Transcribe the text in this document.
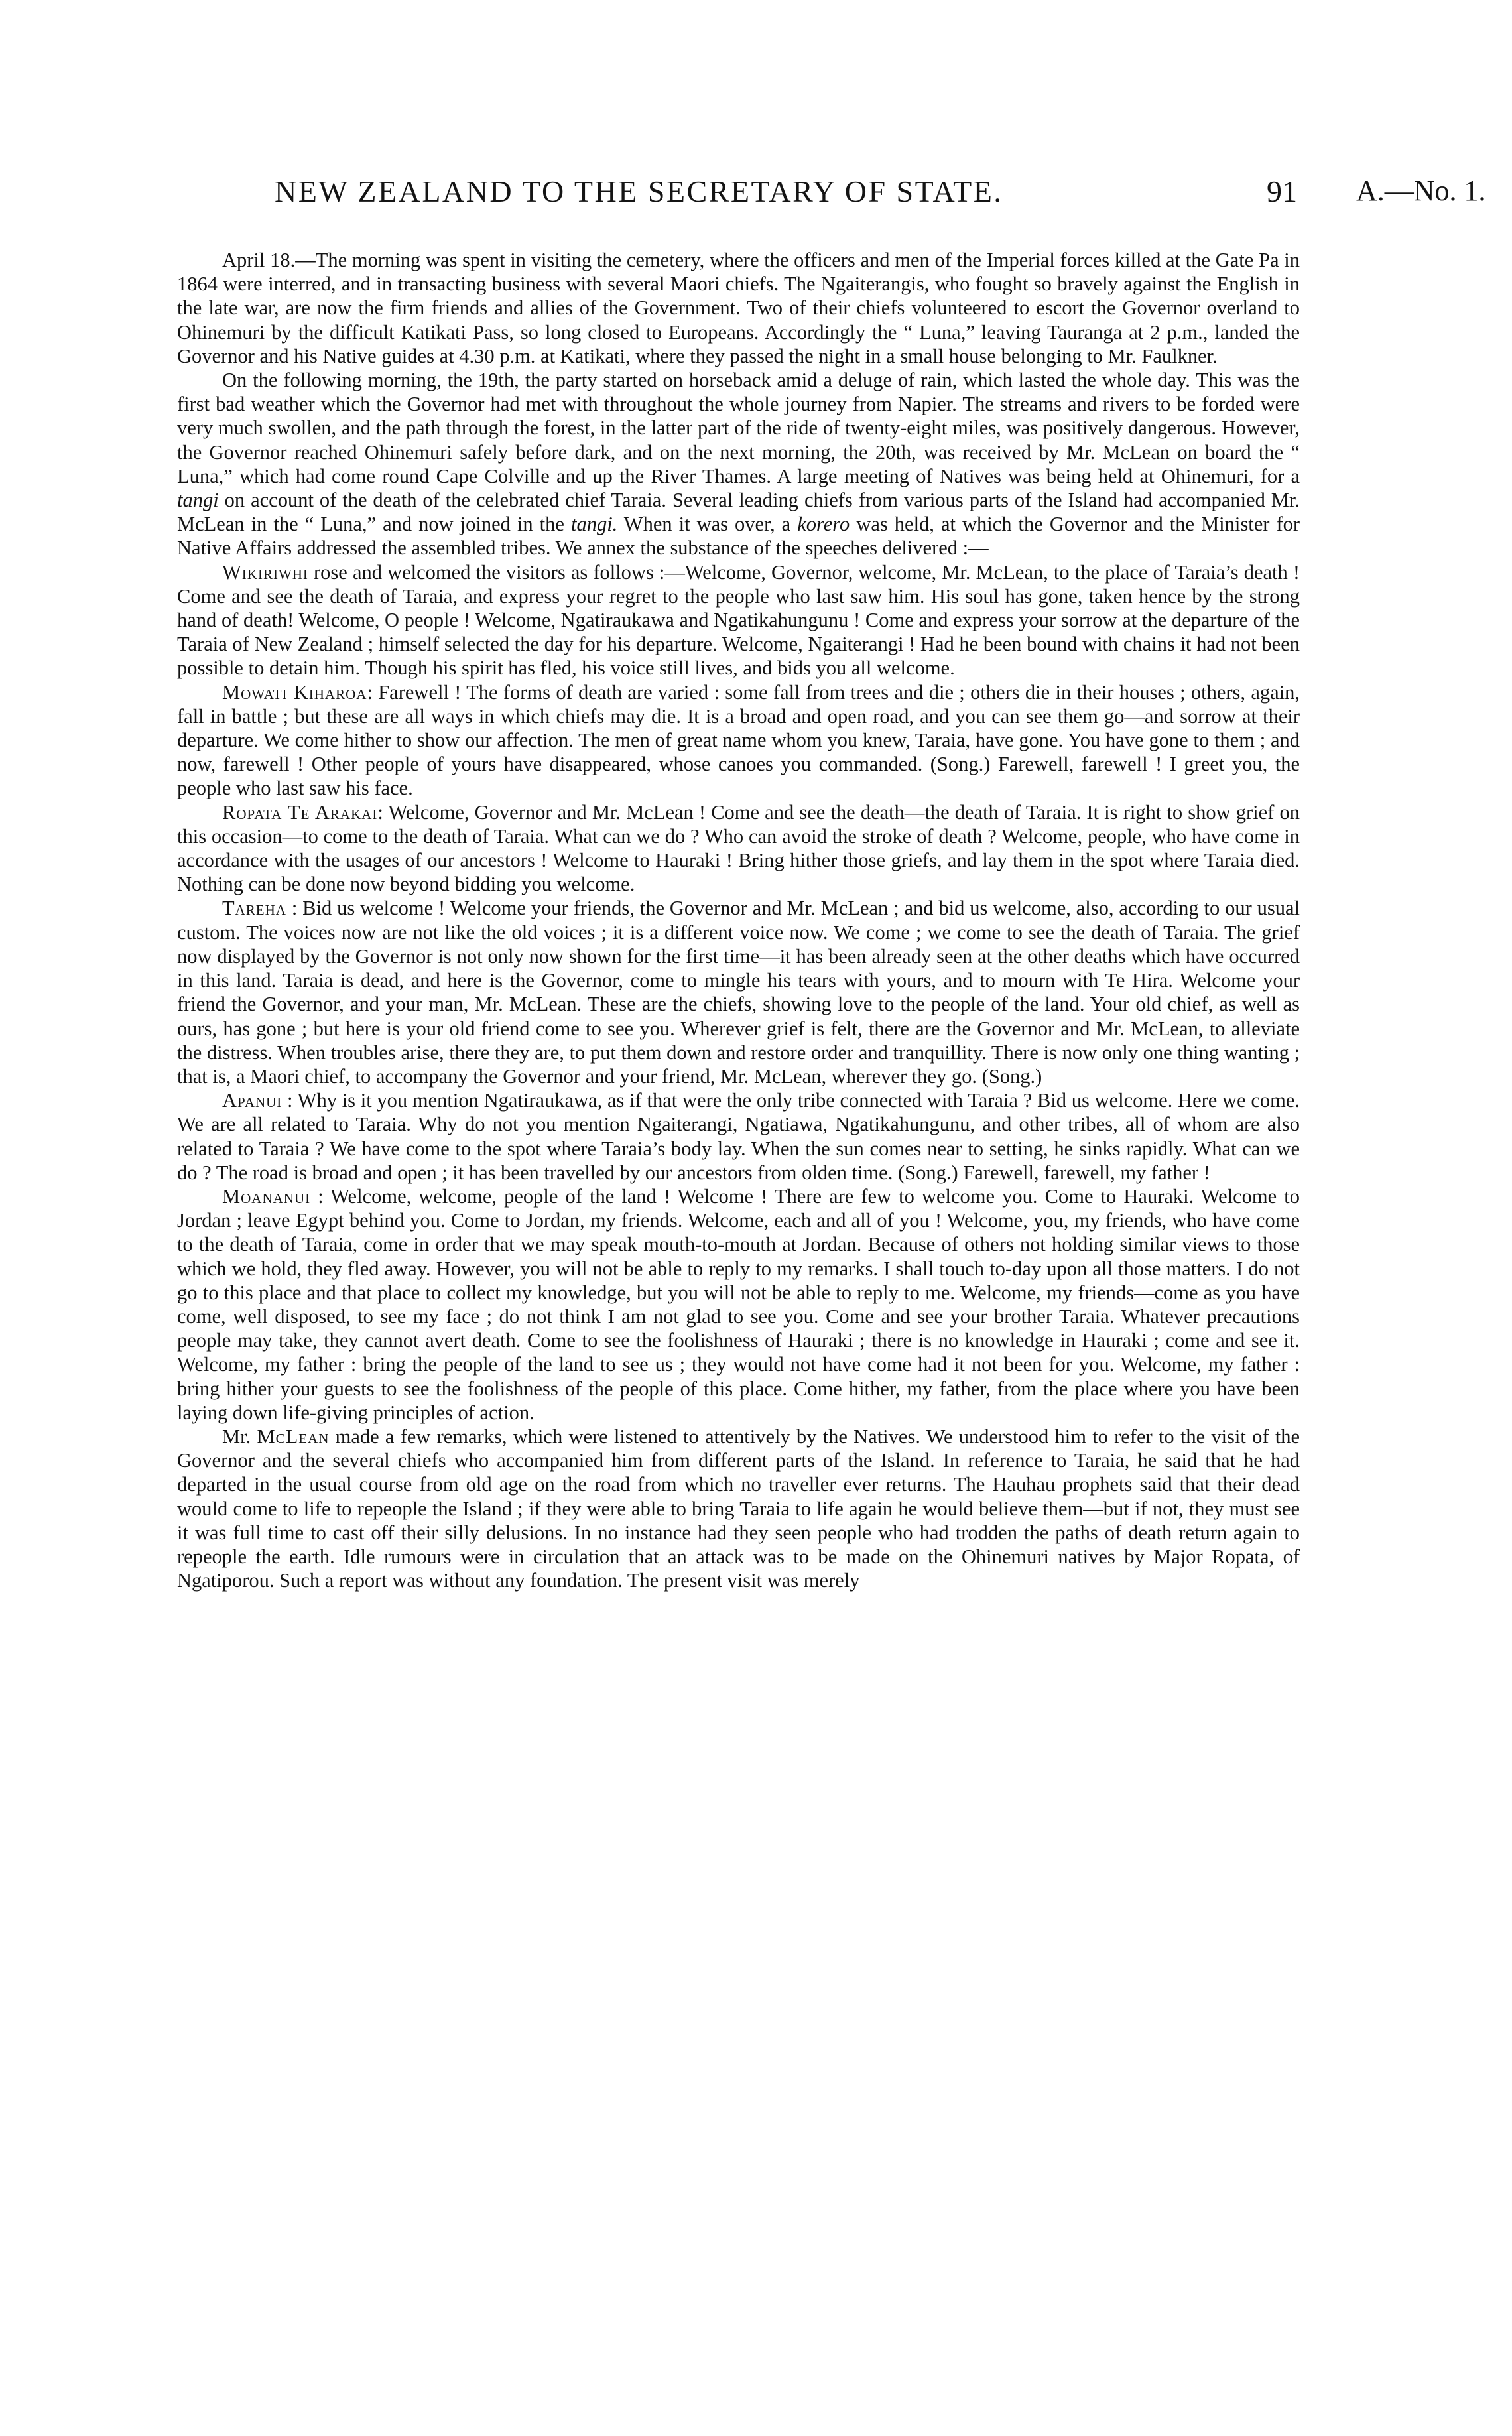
NEW ZEALAND TO THE SECRETARY OF STATE.	91 A.—No. 1.

April 18.—The morning was spent in visiting the cemetery, where the officers and men of the Imperial forces killed at the Gate Pa in 1864 were interred, and in transacting business with several Maori chiefs. The Ngaiterangis, who fought so bravely against the English in the late war, are now the firm friends and allies of the Government. Two of their chiefs volunteered to escort the Governor overland to Ohinemuri by the difficult Katikati Pass, so long closed to Europeans. Accordingly the “ Luna,” leaving Tauranga at 2 p.m., landed the Governor and his Native guides at 4.30 p.m. at Katikati, where they passed the night in a small house belonging to Mr. Faulkner.

On the following morning, the 19th, the party started on horseback amid a deluge of rain, which lasted the whole day. This was the first bad weather which the Governor had met with throughout the whole journey from Napier. The streams and rivers to be forded were very much swollen, and the path through the forest, in the latter part of the ride of twenty-eight miles, was positively dangerous. However, the Governor reached Ohinemuri safely before dark, and on the next morning, the 20th, was received by Mr. McLean on board the “ Luna,” which had come round Cape Colville and up the River Thames. A large meeting of Natives was being held at Ohinemuri, for a tangi on account of the death of the celebrated chief Taraia. Several leading chiefs from various parts of the Island had accompanied Mr. McLean in the “ Luna,” and now joined in the tangi. When it was over, a korero was held, at which the Governor and the Minister for Native Affairs addressed the assembled tribes. We annex the substance of the speeches delivered :—

Wikiriwhi rose and welcomed the visitors as follows :—Welcome, Governor, welcome, Mr. McLean, to the place of Taraia’s death ! Come and see the death of Taraia, and express your regret to the people who last saw him. His soul has gone, taken hence by the strong hand of death! Welcome, O people ! Welcome, Ngatiraukawa and Ngatikahungunu ! Come and express your sorrow at the departure of the Taraia of New Zealand ; himself selected the day for his departure. Welcome, Ngaiterangi ! Had he been bound with chains it had not been possible to detain him. Though his spirit has fled, his voice still lives, and bids you all welcome.

Mowati Kiharoa: Farewell ! The forms of death are varied : some fall from trees and die ; others die in their houses ; others, again, fall in battle ; but these are all ways in which chiefs may die. It is a broad and open road, and you can see them go—and sorrow at their departure. We come hither to show our affection. The men of great name whom you knew, Taraia, have gone. You have gone to them ; and now, farewell ! Other people of yours have disappeared, whose canoes you commanded. (Song.) Farewell, farewell ! I greet you, the people who last saw his face.

Ropata Te Arakai: Welcome, Governor and Mr. McLean ! Come and see the death—the death of Taraia. It is right to show grief on this occasion—to come to the death of Taraia. What can we do ? Who can avoid the stroke of death ? Welcome, people, who have come in accordance with the usages of our ancestors ! Welcome to Hauraki ! Bring hither those griefs, and lay them in the spot where Taraia died. Nothing can be done now beyond bidding you welcome.

Tareha : Bid us welcome ! Welcome your friends, the Governor and Mr. McLean ; and bid us welcome, also, according to our usual custom. The voices now are not like the old voices ; it is a different voice now. We come ; we come to see the death of Taraia. The grief now displayed by the Governor is not only now shown for the first time—it has been already seen at the other deaths which have occurred in this land. Taraia is dead, and here is the Governor, come to mingle his tears with yours, and to mourn with Te Hira. Welcome your friend the Governor, and your man, Mr. McLean. These are the chiefs, showing love to the people of the land. Your old chief, as well as ours, has gone ; but here is your old friend come to see you. Wherever grief is felt, there are the Governor and Mr. McLean, to alleviate the distress. When troubles arise, there they are, to put them down and restore order and tranquillity. There is now only one thing wanting ; that is, a Maori chief, to accompany the Governor and your friend, Mr. McLean, wherever they go. (Song.)

Apanui : Why is it you mention Ngatiraukawa, as if that were the only tribe connected with Taraia ? Bid us welcome. Here we come. We are all related to Taraia. Why do not you mention Ngaiterangi, Ngatiawa, Ngatikahungunu, and other tribes, all of whom are also related to Taraia ? We have come to the spot where Taraia’s body lay. When the sun comes near to setting, he sinks rapidly. What can we do ? The road is broad and open ; it has been travelled by our ancestors from olden time. (Song.) Farewell, farewell, my father !

Moananui : Welcome, welcome, people of the land ! Welcome ! There are few to welcome you. Come to Hauraki. Welcome to Jordan ; leave Egypt behind you. Come to Jordan, my friends. Welcome, each and all of you ! Welcome, you, my friends, who have come to the death of Taraia, come in order that we may speak mouth-to-mouth at Jordan. Because of others not holding similar views to those which we hold, they fled away. However, you will not be able to reply to my remarks. I shall touch to-day upon all those matters. I do not go to this place and that place to collect my knowledge, but you will not be able to reply to me. Welcome, my friends—come as you have come, well disposed, to see my face ; do not think I am not glad to see you. Come and see your brother Taraia. Whatever precautions people may take, they cannot avert death. Come to see the foolishness of Hauraki ; there is no knowledge in Hauraki ; come and see it. Welcome, my father : bring the people of the land to see us ; they would not have come had it not been for you. Welcome, my father : bring hither your guests to see the foolishness of the people of this place. Come hither, my father, from the place where you have been laying down life-giving principles of action.

Mr. McLean made a few remarks, which were listened to attentively by the Natives. We understood him to refer to the visit of the Governor and the several chiefs who accompanied him from different parts of the Island. In reference to Taraia, he said that he had departed in the usual course from old age on the road from which no traveller ever returns. The Hauhau prophets said that their dead would come to life to repeople the Island ; if they were able to bring Taraia to life again he would believe them—but if not, they must see it was full time to cast off their silly delusions. In no instance had they seen people who had trodden the paths of death return again to repeople the earth. Idle rumours were in circulation that an attack was to be made on the Ohinemuri natives by Major Ropata, of Ngatiporou. Such a report was without any foundation. The present visit was merely
